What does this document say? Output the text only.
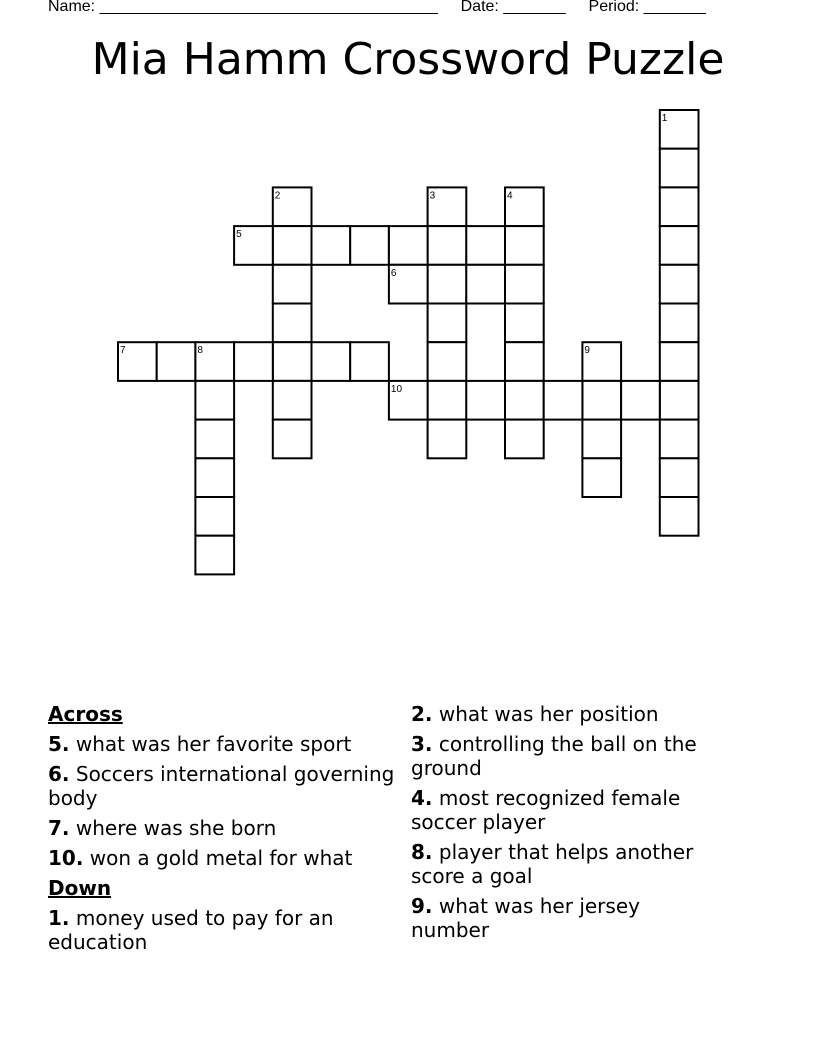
Name: ______________________________________ Date: _______ Period: _______
Mia Hamm Crossword Puzzle
1
2	3	4
5
6
7	8	9
10
Across
5. what was her favorite sport
6. Soccers international governing body
7. where was she born
10. won a gold metal for what
Down
1. money used to pay for an education
2. what was her position
3. controlling the ball on the ground
4. most recognized female soccer player
8. player that helps another score a goal
9. what was her jersey number
